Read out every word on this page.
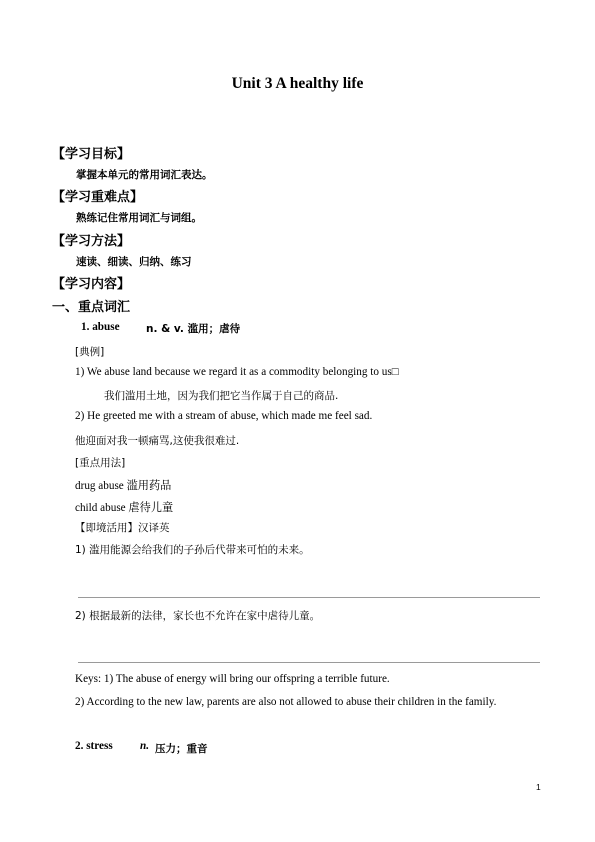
Unit 3 A healthy life
【学习目标】
掌握本单元的常用词汇表达。
【学习重难点】
熟练记住常用词汇与词组。
【学习方法】
速读、细读、归纳、练习
【学习内容】
一、重点词汇
1. abuse	n. & v. 滥用；虐待
[典例]
1) We abuse land because we regard it as a commodity belonging to us□
我们滥用土地，因为我们把它当作属于自己的商品.
2) He greeted me with a stream of abuse, which made me feel sad.
他迎面对我一顿痛骂,这使我很难过.
[重点用法]
drug abuse 滥用药品
child abuse 虐待儿童
【即境活用】汉译英
1) 滥用能源会给我们的子孙后代带来可怕的未来。
2) 根据最新的法律，家长也不允许在家中虐待儿童。
Keys: 1) The abuse of energy will bring our offspring a terrible future.
2) According to the new law, parents are also not allowed to abuse their children in the family.
2. stress n. 压力；重音
1
